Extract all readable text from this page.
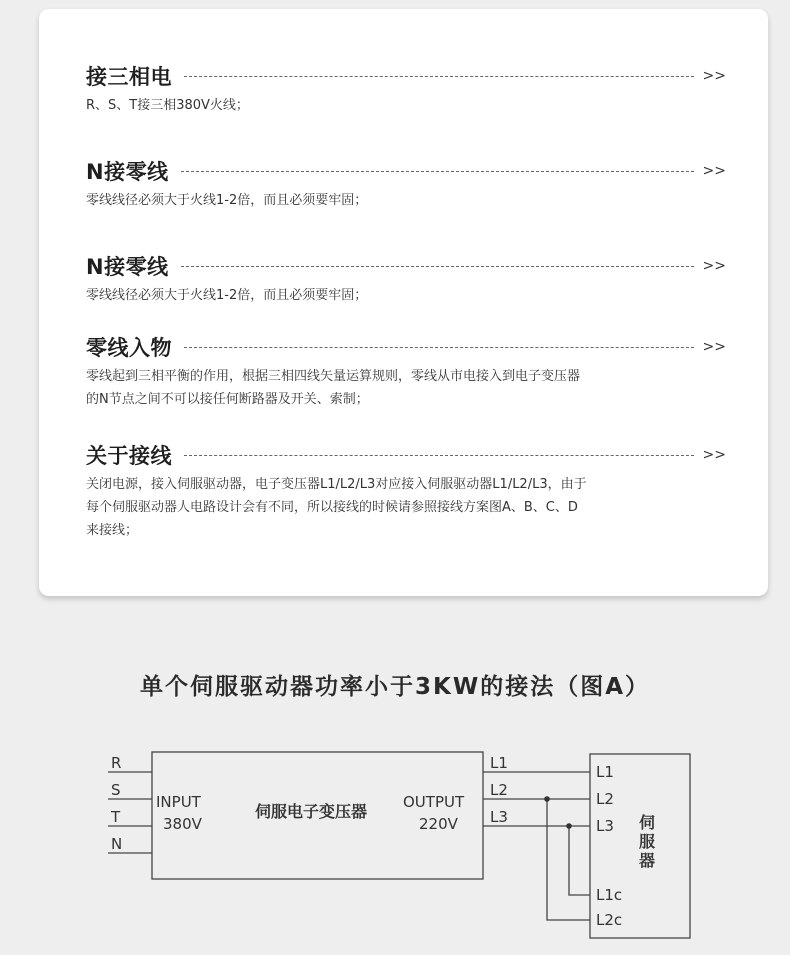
接三相电	>>
R、S、T接三相380V火线；
N接零线	>>
零线线径必须大于火线1-2倍，而且必须要牢固；
N接零线	>>
零线线径必须大于火线1-2倍，而且必须要牢固；
零线入物	>>
零线起到三相平衡的作用，根据三相四线矢量运算规则，零线从市电接入到电子变压器
的N节点之间不可以接任何断路器及开关、索制；
关于接线	>>
关闭电源，接入伺服驱动器，电子变压器L1/L2/L3对应接入伺服驱动器L1/L2/L3，由于
每个伺服驱动器人电路设计会有不同，所以接线的时候请参照接线方案图A、B、C、D
来接线；
单个伺服驱动器功率小于3KW的接法（图A）
R
S
T
N
INPUT
380V
伺服电子变压器 OUTPUT
220V
L1
L2
L3
L1
L2
L3
L1c
L2c
伺
服
器
